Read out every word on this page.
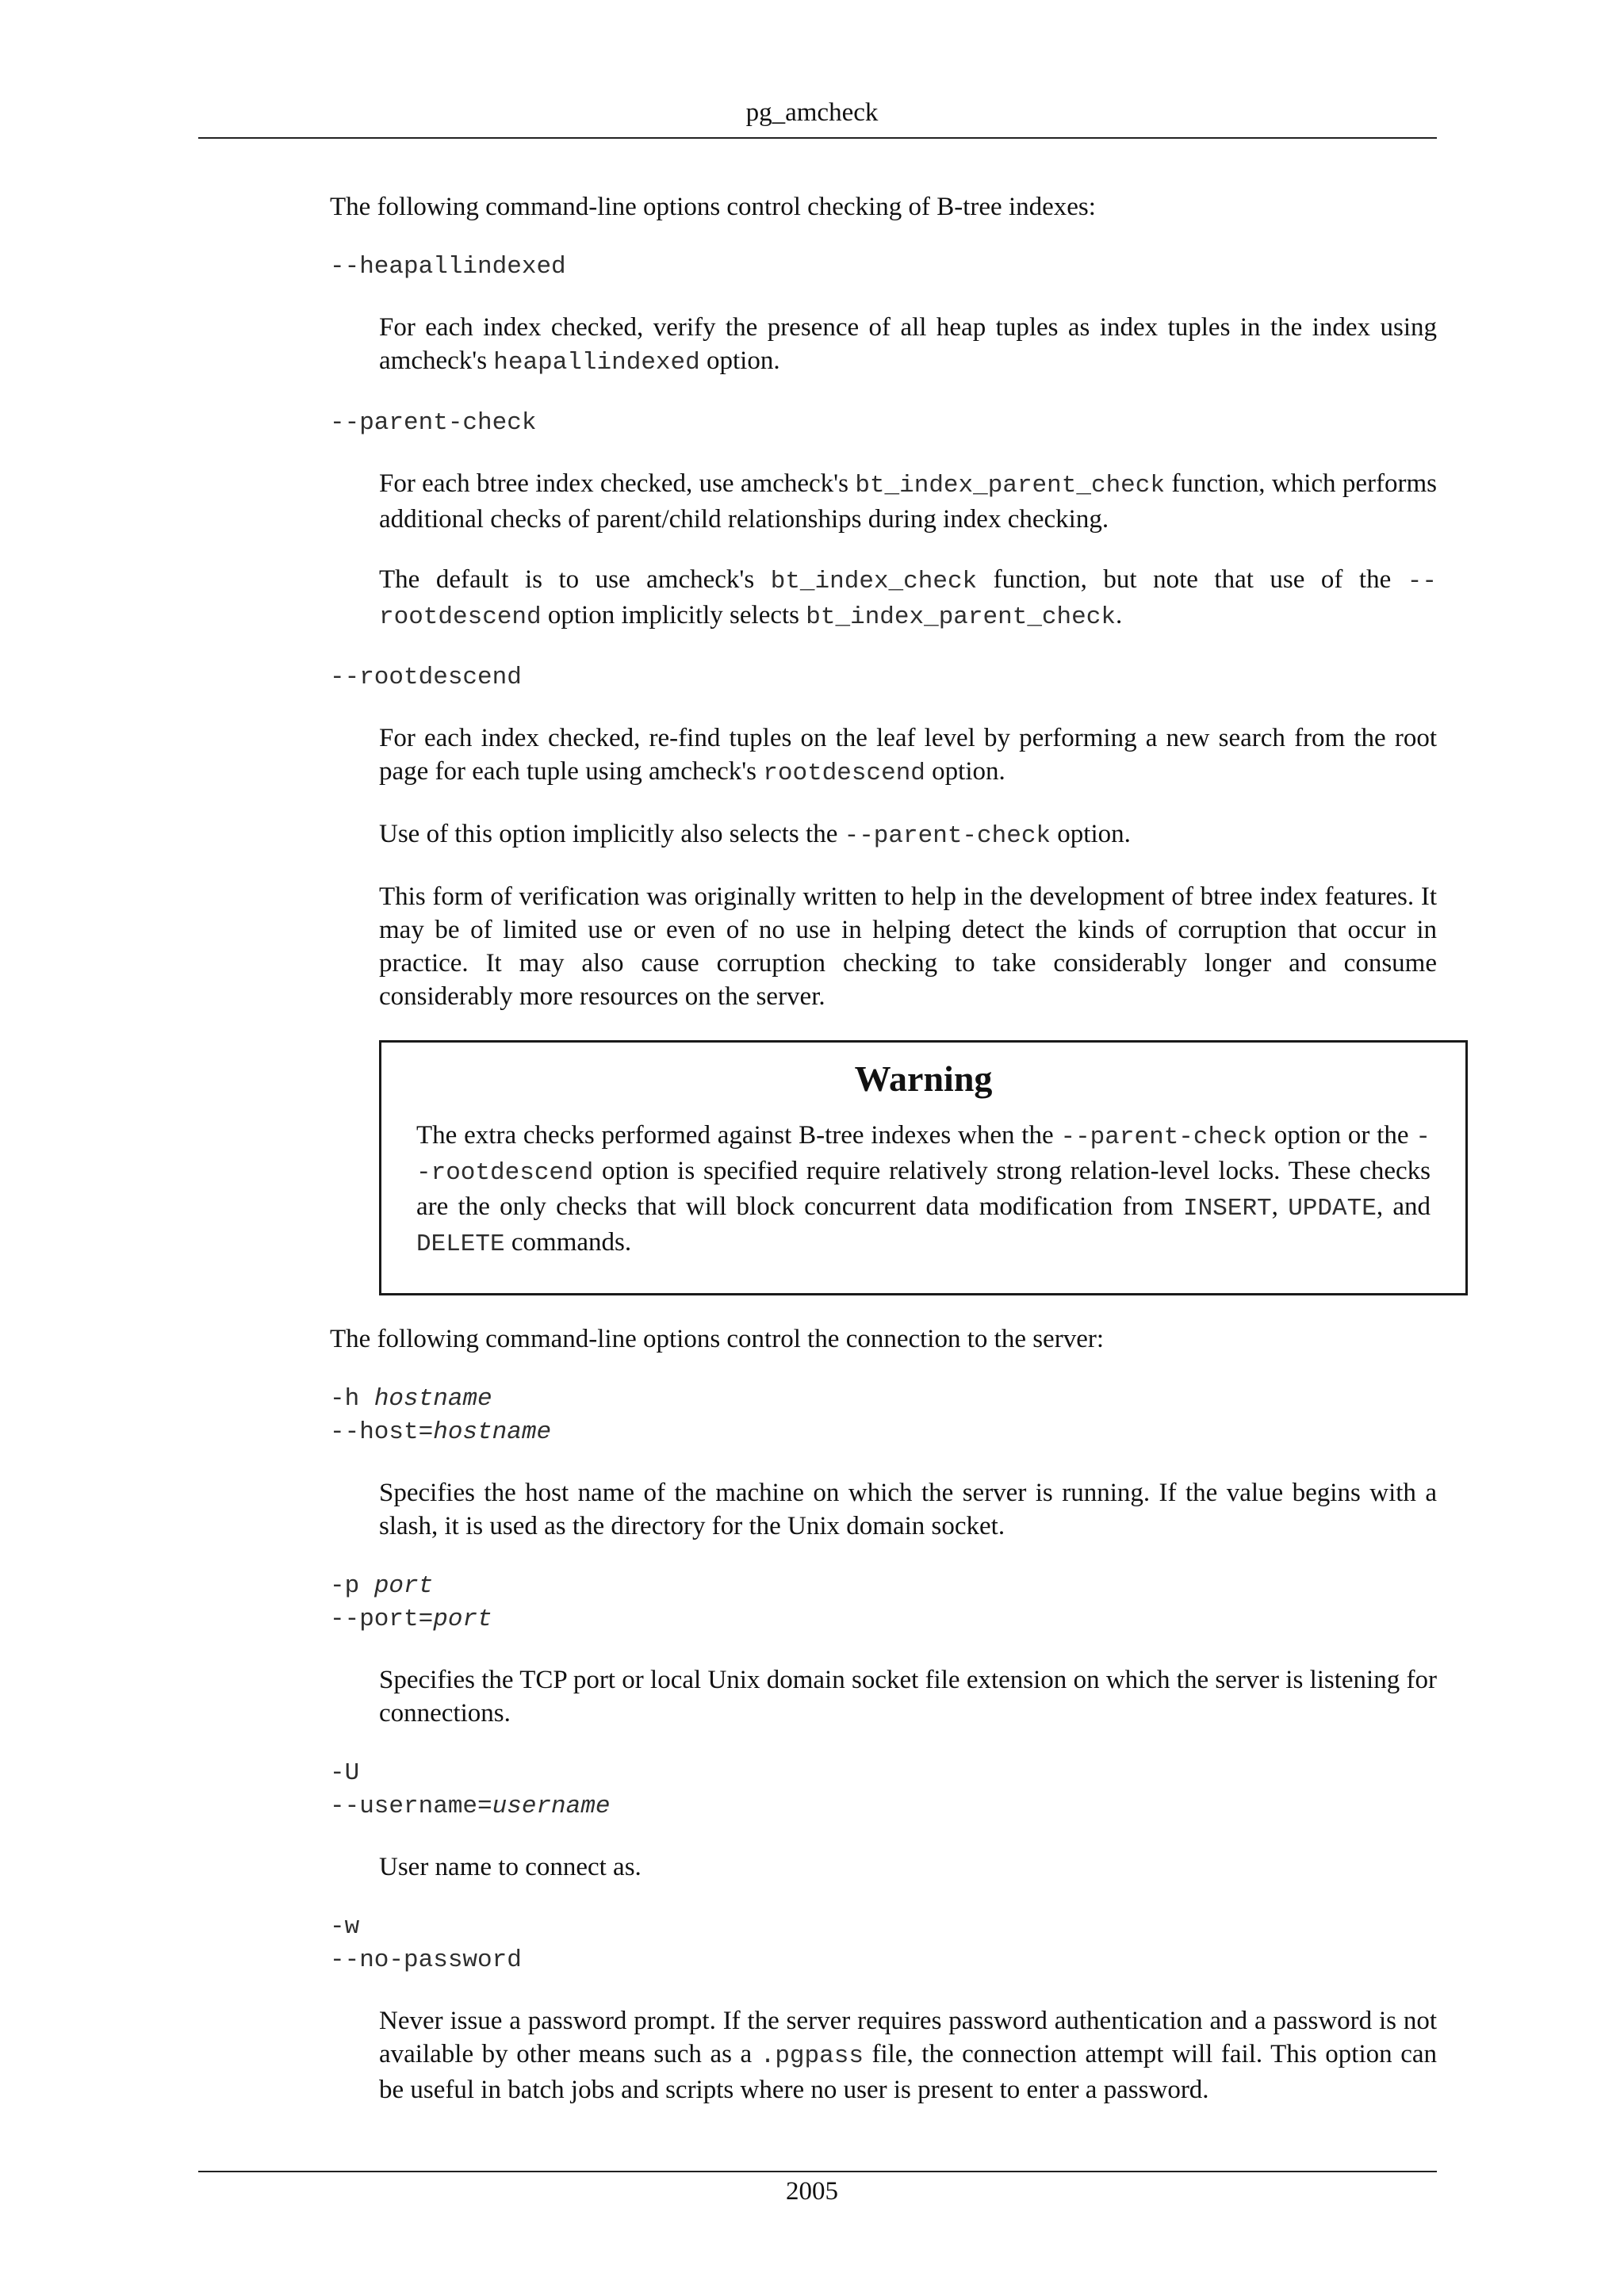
pg_amcheck

The following command-line options control checking of B-tree indexes:

--heapallindexed

For each index checked, verify the presence of all heap tuples as index tuples in the index using amcheck's heapallindexed option.

--parent-check

For each btree index checked, use amcheck's bt_index_parent_check function, which performs additional checks of parent/child relationships during index checking.

The default is to use amcheck's bt_index_check function, but note that use of the --rootdescend option implicitly selects bt_index_parent_check.

--rootdescend

For each index checked, re-find tuples on the leaf level by performing a new search from the root page for each tuple using amcheck's rootdescend option.

Use of this option implicitly also selects the --parent-check option.

This form of verification was originally written to help in the development of btree index features. It may be of limited use or even of no use in helping detect the kinds of corruption that occur in practice. It may also cause corruption checking to take considerably longer and consume considerably more resources on the server.

Warning

The extra checks performed against B-tree indexes when the --parent-check option or the --rootdescend option is specified require relatively strong relation-level locks. These checks are the only checks that will block concurrent data modification from INSERT, UPDATE, and DELETE commands.

The following command-line options control the connection to the server:

-h hostname

--host=hostname

Specifies the host name of the machine on which the server is running. If the value begins with a slash, it is used as the directory for the Unix domain socket.

-p port

--port=port

Specifies the TCP port or local Unix domain socket file extension on which the server is listening for connections.

-U

--username=username

User name to connect as.

-w

--no-password

Never issue a password prompt. If the server requires password authentication and a password is not available by other means such as a .pgpass file, the connection attempt will fail. This option can be useful in batch jobs and scripts where no user is present to enter a password.

2005
